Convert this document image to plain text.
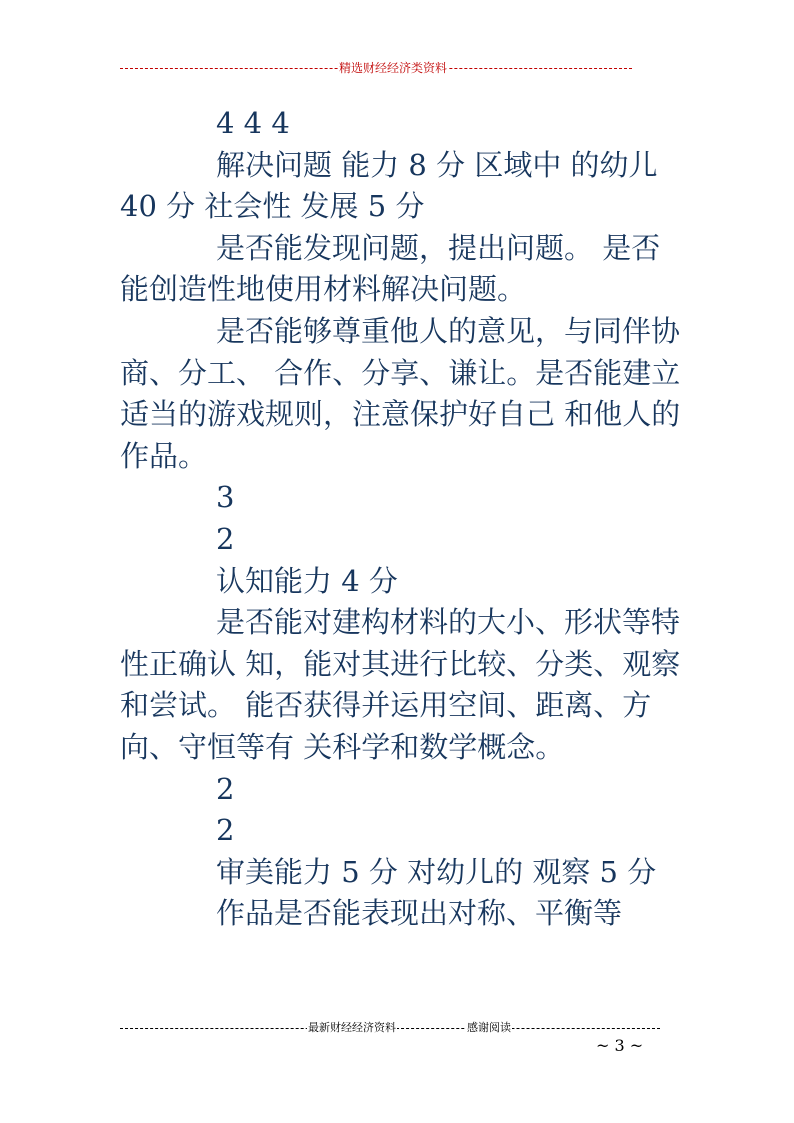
精选财经经济类资料

4 4 4

解决问题 能力 8 分 区域中 的幼儿 40 分 社会性 发展 5 分

是否能发现问题，提出问题。 是否能创造性地使用材料解决问题。

是否能够尊重他人的意见，与同伴协商、分工、 合作、分享、谦让。是否能建立适当的游戏规则，注意保护好自己 和他人的作品。

3

2

认知能力 4 分

是否能对建构材料的大小、形状等特性正确认 知，能对其进行比较、分类、观察和尝试。 能否获得并运用空间、距离、方向、守恒等有 关科学和数学概念。

2

2

审美能力 5 分 对幼儿的 观察 5 分

作品是否能表现出对称、平衡等

最新财经经济资料	感谢阅读
~ 3 ~
